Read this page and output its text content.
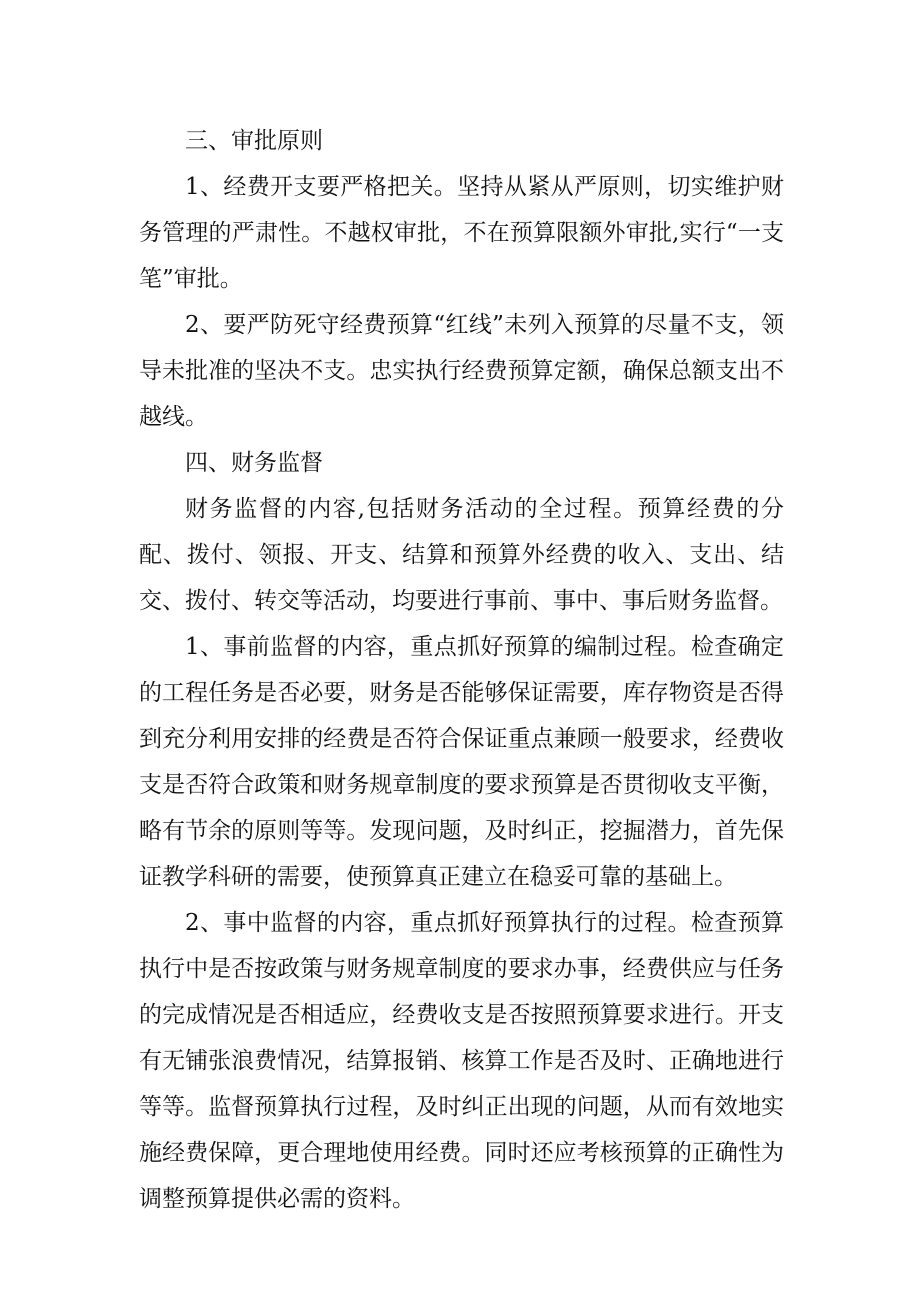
三、审批原则

1、经费开支要严格把关。坚持从紧从严原则，切实维护财务管理的严肃性。不越权审批，不在预算限额外审批,实行“一支笔”审批。

2、要严防死守经费预算“红线”未列入预算的尽量不支，领导未批准的坚决不支。忠实执行经费预算定额，确保总额支出不越线。

四、财务监督

财务监督的内容,包括财务活动的全过程。预算经费的分配、拨付、领报、开支、结算和预算外经费的收入、支出、结交、拨付、转交等活动，均要进行事前、事中、事后财务监督。

1、事前监督的内容，重点抓好预算的编制过程。检查确定的工程任务是否必要，财务是否能够保证需要，库存物资是否得到充分利用安排的经费是否符合保证重点兼顾一般要求，经费收支是否符合政策和财务规章制度的要求预算是否贯彻收支平衡，略有节余的原则等等。发现问题，及时纠正，挖掘潜力，首先保证教学科研的需要，使预算真正建立在稳妥可靠的基础上。

2、事中监督的内容，重点抓好预算执行的过程。检查预算执行中是否按政策与财务规章制度的要求办事，经费供应与任务的完成情况是否相适应，经费收支是否按照预算要求进行。开支有无铺张浪费情况，结算报销、核算工作是否及时、正确地进行等等。监督预算执行过程，及时纠正出现的问题，从而有效地实施经费保障，更合理地使用经费。同时还应考核预算的正确性为调整预算提供必需的资料。
